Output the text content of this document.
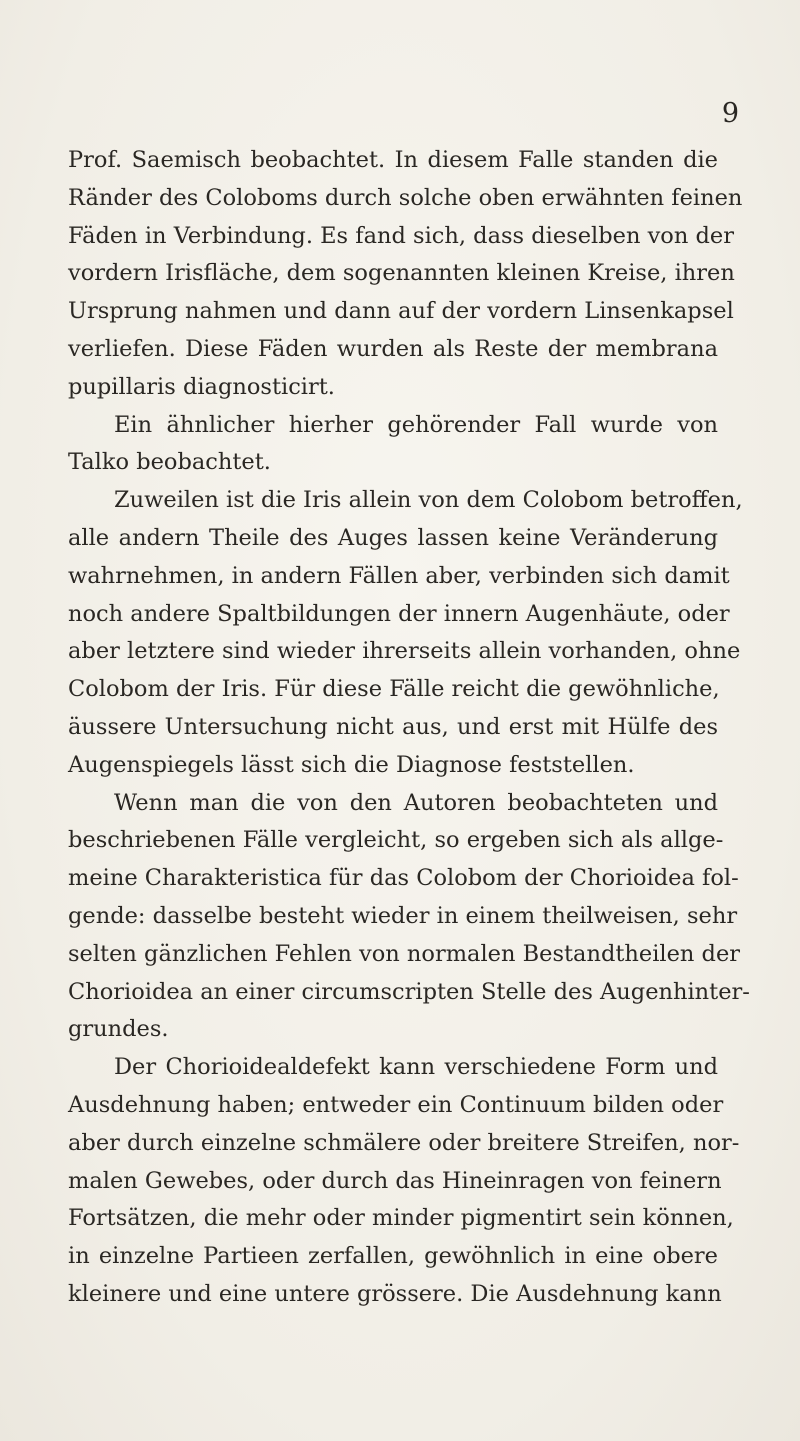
9
Prof. Saemisch beobachtet. In diesem Falle standen die
Ränder des Coloboms durch solche oben erwähnten feinen
Fäden in Verbindung. Es fand sich, dass dieselben von der
vordern Irisfläche, dem sogenannten kleinen Kreise, ihren
Ursprung nahmen und dann auf der vordern Linsenkapsel
verliefen. Diese Fäden wurden als Reste der membrana
pupillaris diagnosticirt.
Ein ähnlicher hierher gehörender Fall wurde von
Talko beobachtet.
Zuweilen ist die Iris allein von dem Colobom betroffen,
alle andern Theile des Auges lassen keine Veränderung
wahrnehmen, in andern Fällen aber, verbinden sich damit
noch andere Spaltbildungen der innern Augenhäute, oder
aber letztere sind wieder ihrerseits allein vorhanden, ohne
Colobom der Iris. Für diese Fälle reicht die gewöhnliche,
äussere Untersuchung nicht aus, und erst mit Hülfe des
Augenspiegels lässt sich die Diagnose feststellen.
Wenn man die von den Autoren beobachteten und
beschriebenen Fälle vergleicht, so ergeben sich als allge-
meine Charakteristica für das Colobom der Chorioidea fol-
gende: dasselbe besteht wieder in einem theilweisen, sehr
selten gänzlichen Fehlen von normalen Bestandtheilen der
Chorioidea an einer circumscripten Stelle des Augenhinter-
grundes.
Der Chorioidealdefekt kann verschiedene Form und
Ausdehnung haben; entweder ein Continuum bilden oder
aber durch einzelne schmälere oder breitere Streifen, nor-
malen Gewebes, oder durch das Hineinragen von feinern
Fortsätzen, die mehr oder minder pigmentirt sein können,
in einzelne Partieen zerfallen, gewöhnlich in eine obere
kleinere und eine untere grössere. Die Ausdehnung kann
